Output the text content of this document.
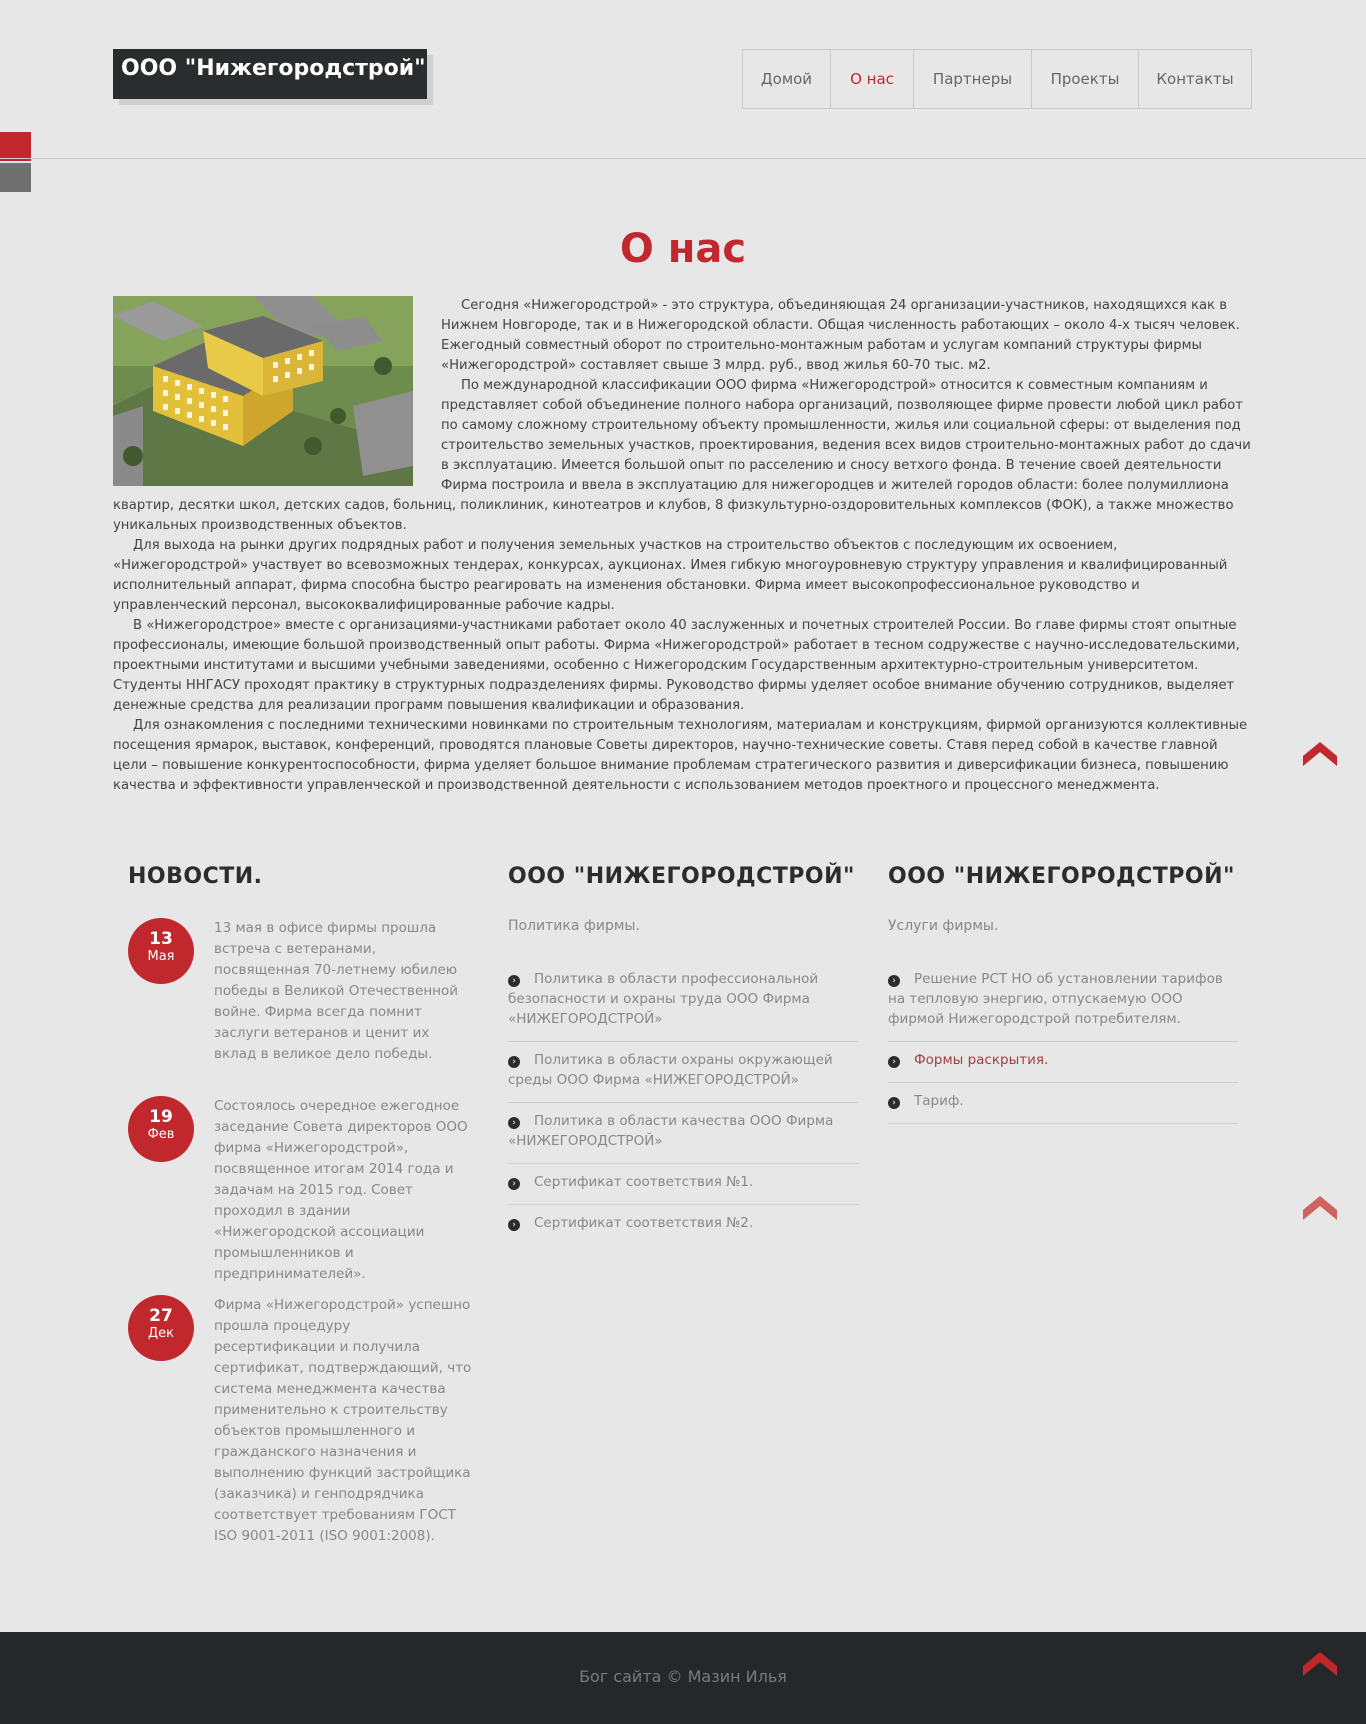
ООО "Нижегородстрой"	Домой	О нас	Партнеры	Проекты	Контакты
О нас

Сегодня «Нижегородстрой» - это структура, объединяющая 24 организации-участников, находящихся как в Нижнем Новгороде, так и в Нижегородской области. Общая численность работающих – около 4-х тысяч человек. Ежегодный совместный оборот по строительно-монтажным работам и услугам компаний структуры фирмы «Нижегородстрой» составляет свыше 3 млрд. руб., ввод жилья 60-70 тыс. м2.

По международной классификации ООО фирма «Нижегородстрой» относится к совместным компаниям и представляет собой объединение полного набора организаций, позволяющее фирме провести любой цикл работ по самому сложному строительному объекту промышленности, жилья или социальной сферы: от выделения под строительство земельных участков, проектирования, ведения всех видов строительно-монтажных работ до сдачи в эксплуатацию. Имеется большой опыт по расселению и сносу ветхого фонда. В течение своей деятельности Фирма построила и ввела в эксплуатацию для нижегородцев и жителей городов области: более полумиллиона квартир, десятки школ, детских садов, больниц, поликлиник, кинотеатров и клубов, 8 физкультурно-оздоровительных комплексов (ФОК), а также множество уникальных производственных объектов.

Для выхода на рынки других подрядных работ и получения земельных участков на строительство объектов с последующим их освоением, «Нижегородстрой» участвует во всевозможных тендерах, конкурсах, аукционах. Имея гибкую многоуровневую структуру управления и квалифицированный исполнительный аппарат, фирма способна быстро реагировать на изменения обстановки. Фирма имеет высокопрофессиональное руководство и управленческий персонал, высококвалифицированные рабочие кадры.

В «Нижегородстрое» вместе с организациями-участниками работает около 40 заслуженных и почетных строителей России. Во главе фирмы стоят опытные профессионалы, имеющие большой производственный опыт работы. Фирма «Нижегородстрой» работает в тесном содружестве с научно-исследовательскими, проектными институтами и высшими учебными заведениями, особенно с Нижегородским Государственным архитектурно-строительным университетом. Студенты ННГАСУ проходят практику в структурных подразделениях фирмы. Руководство фирмы уделяет особое внимание обучению сотрудников, выделяет денежные средства для реализации программ повышения квалификации и образования.

Для ознакомления с последними техническими новинками по строительным технологиям, материалам и конструкциям, фирмой организуются коллективные посещения ярмарок, выставок, конференций, проводятся плановые Советы директоров, научно-технические советы. Ставя перед собой в качестве главной цели – повышение конкурентоспособности, фирма уделяет большое внимание проблемам стратегического развития и диверсификации бизнеса, повышению качества и эффективности управленческой и производственной деятельности с использованием методов проектного и процессного менеджмента.

НОВОСТИ.
13
Мая
13 мая в офисе фирмы прошла встреча с ветеранами, посвященная 70-летнему юбилею победы в Великой Отечественной войне. Фирма всегда помнит заслуги ветеранов и ценит их вклад в великое дело победы.
19
Фев
Состоялось очередное ежегодное заседание Совета директоров ООО фирма «Нижегородстрой», посвященное итогам 2014 года и задачам на 2015 год. Совет проходил в здании «Нижегородской ассоциации промышленников и предпринимателей».
27
Дек
Фирма «Нижегородстрой» успешно прошла процедуру ресертификации и получила сертификат, подтверждающий, что система менеджмента качества применительно к строительству объектов промышленного и гражданского назначения и выполнению функций застройщика (заказчика) и генподрядчика соответствует требованиям ГОСТ ISO 9001-2011 (ISO 9001:2008).
ООО "НИЖЕГОРОДСТРОЙ"
Политика фирмы.
› Политика в области профессиональной безопасности и охраны труда ООО Фирма «НИЖЕГОРОДСТРОЙ»
› Политика в области охраны окружающей среды ООО Фирма «НИЖЕГОРОДСТРОЙ»
› Политика в области качества ООО Фирма «НИЖЕГОРОДСТРОЙ»
› Сертификат соответствия №1.
› Сертификат соответствия №2.
ООО "НИЖЕГОРОДСТРОЙ"
Услуги фирмы.
› Решение РСТ НО об установлении тарифов на тепловую энергию, отпускаемую ООО фирмой Нижегородстрой потребителям.
› Формы раскрытия.
› Тариф.
Бог сайта © Мазин Илья
